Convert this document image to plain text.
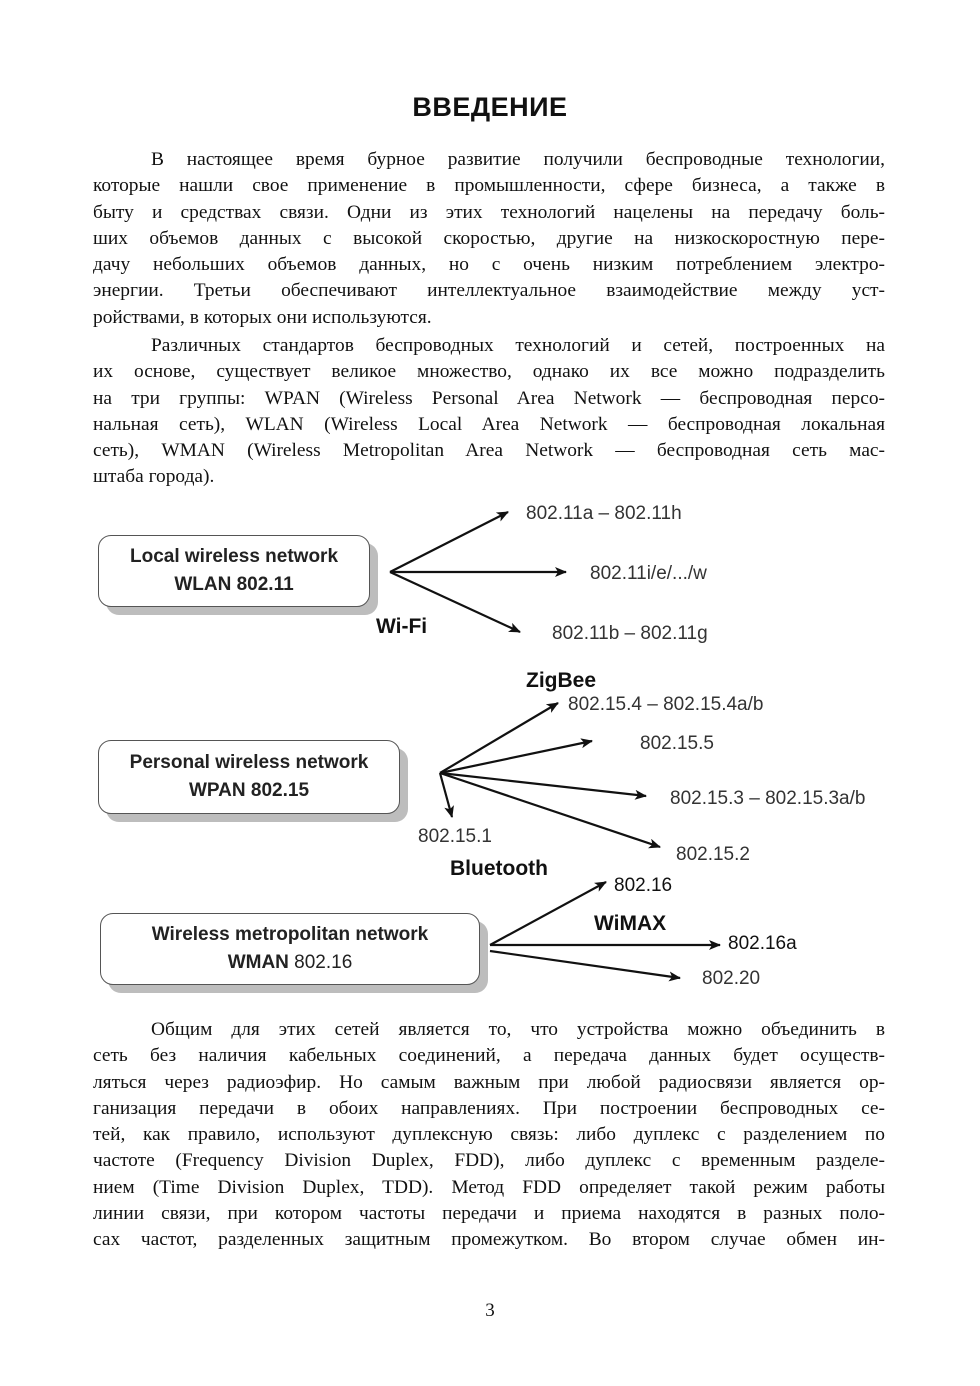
ВВЕДЕНИЕ
В настоящее время бурное развитие получили беспроводные технологии,
которые нашли свое применение в промышленности, сфере бизнеса, а также в
быту и средствах связи. Одни из этих технологий нацелены на передачу боль-
ших объемов данных с высокой скоростью, другие на низкоскоростную пере-
дачу небольших объемов данных, но с очень низким потреблением электро-
энергии. Третьи обеспечивают интеллектуальное взаимодействие между уст-
ройствами, в которых они используются.
Различных стандартов беспроводных технологий и сетей, построенных на
их основе, существует великое множество, однако их все можно подразделить
на три группы: WPAN (Wireless Personal Area Network — беспроводная персо-
нальная сеть), WLAN (Wireless Local Area Network — беспроводная локальная
сеть), WMAN (Wireless Metropolitan Area Network — беспроводная сеть мас-
штаба города).
Local wireless network
WLAN 802.11
802.11a – 802.11h
802.11i/e/.../w
802.11b – 802.11g
Wi-Fi
ZigBee
Personal wireless network
WPAN 802.15
802.15.4 – 802.15.4a/b
802.15.5
802.15.3 – 802.15.3a/b
802.15.2
802.15.1
Bluetooth
Wireless metropolitan network
WMAN 802.16
802.16
WiMAX
802.16a
802.20
Общим для этих сетей является то, что устройства можно объединить в
сеть без наличия кабельных соединений, а передача данных будет осуществ-
ляться через радиоэфир. Но самым важным при любой радиосвязи является ор-
ганизация передачи в обоих направлениях. При построении беспроводных се-
тей, как правило, используют дуплексную связь: либо дуплекс с разделением по
частоте (Frequency Division Duplex, FDD), либо дуплекс с временным разделе-
нием (Time Division Duplex, TDD). Метод FDD определяет такой режим работы
линии связи, при котором частоты передачи и приема находятся в разных поло-
сах частот, разделенных защитным промежутком. Во втором случае обмен ин-
3
